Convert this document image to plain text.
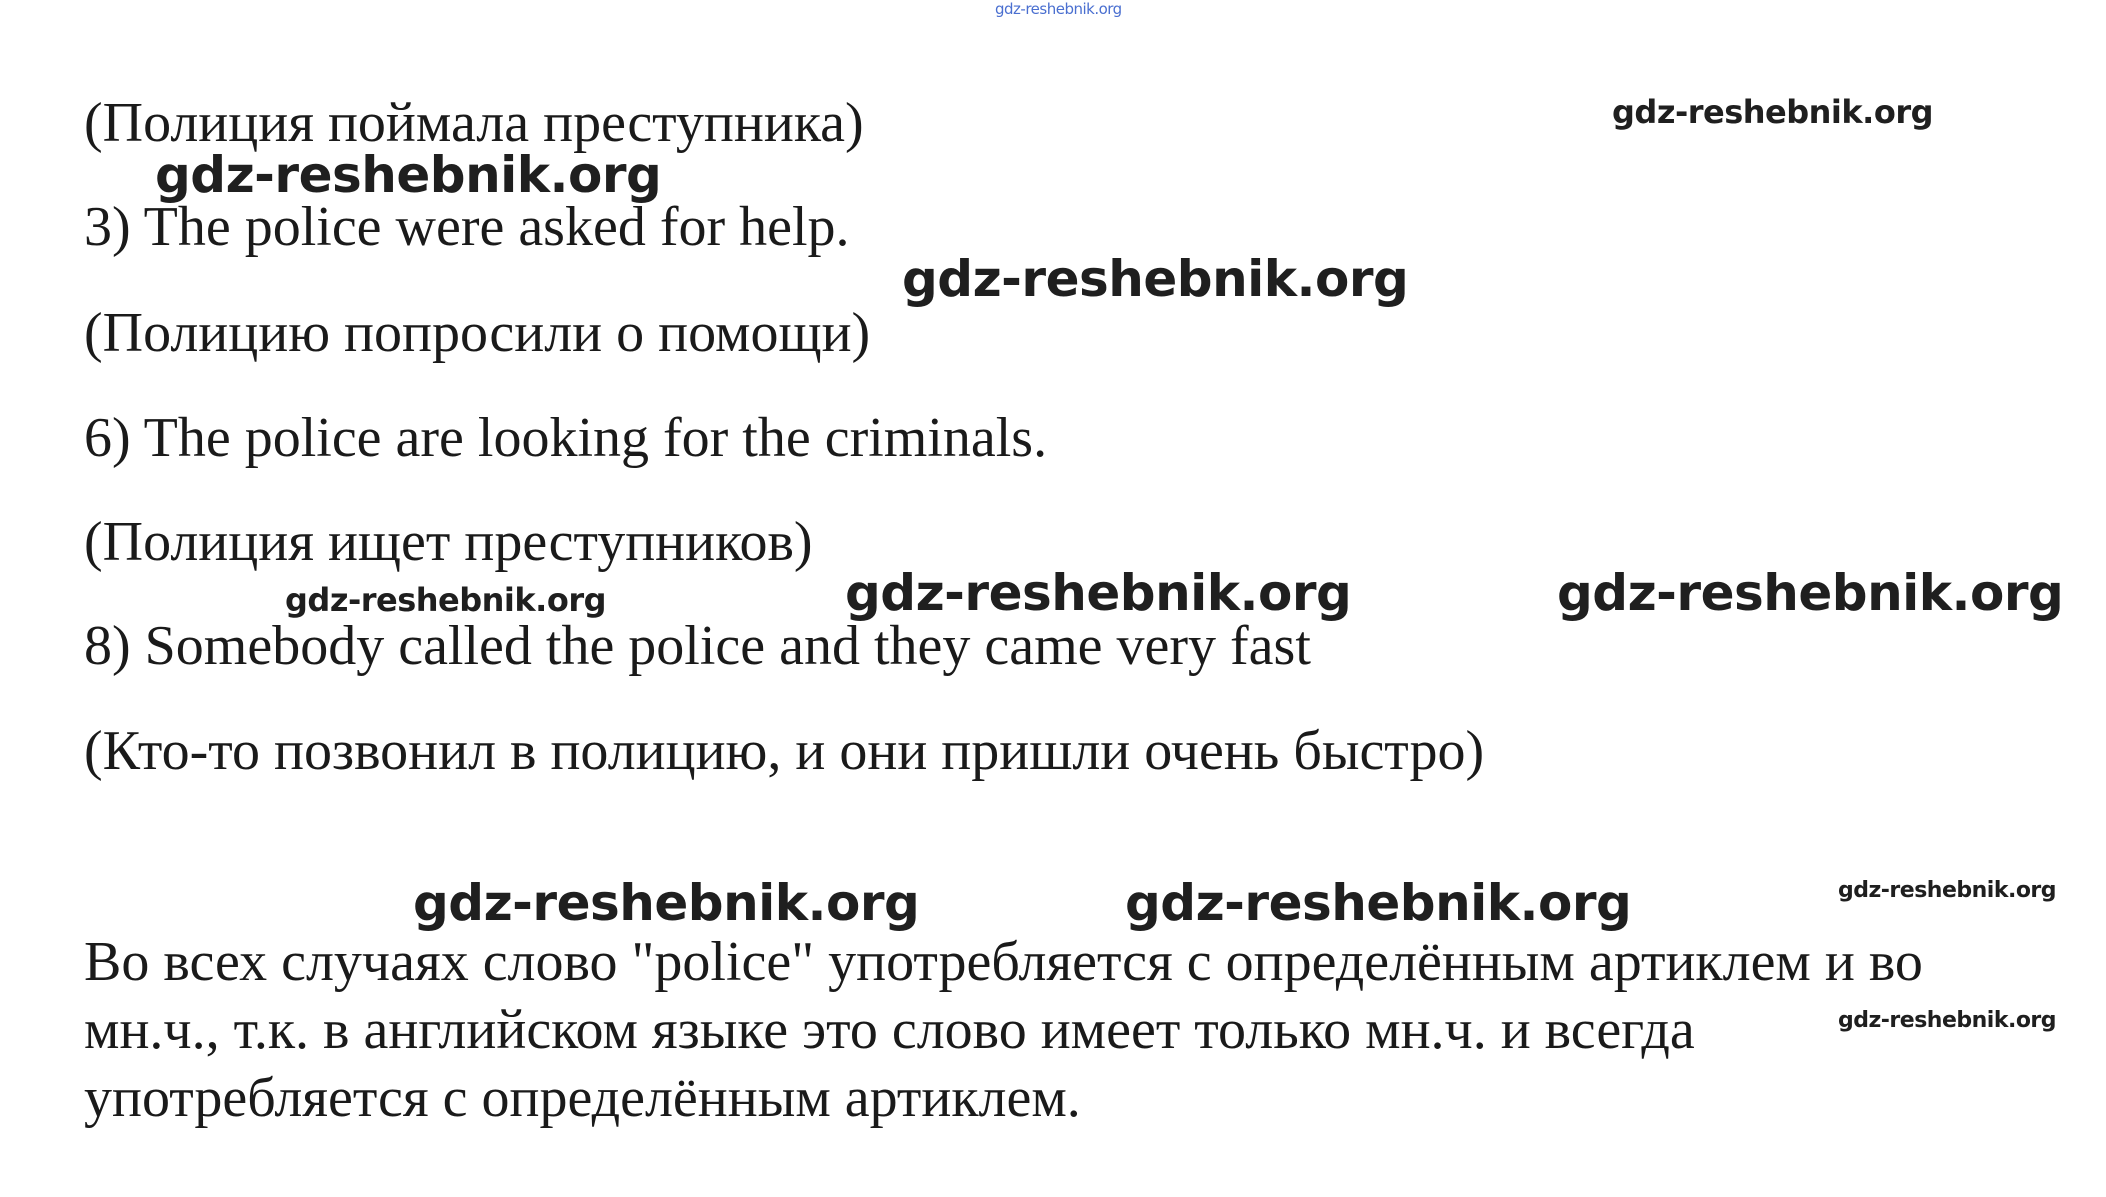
gdz-reshebnik.org

(Полиция поймала преступника)	gdz-reshebnik.org

gdz-reshebnik.org

3) The police were asked for help.

gdz-reshebnik.org

(Полицию попросили о помощи)

6) The police are looking for the criminals.

(Полиция ищет преступников)

gdz-reshebnik.org	gdz-reshebnik.org	gdz-reshebnik.org

8) Somebody called the police and they came very fast

(Кто-то позвонил в полицию, и они пришли очень быстро)

gdz-reshebnik.org	gdz-reshebnik.org	gdz-reshebnik.org

gdz-reshebnik.org

Во всех случаях слово "police" употребляется с определённым артиклем и во мн.ч., т.к. в английском языке это слово имеет только мн.ч. и всегда употребляется с определённым артиклем.
